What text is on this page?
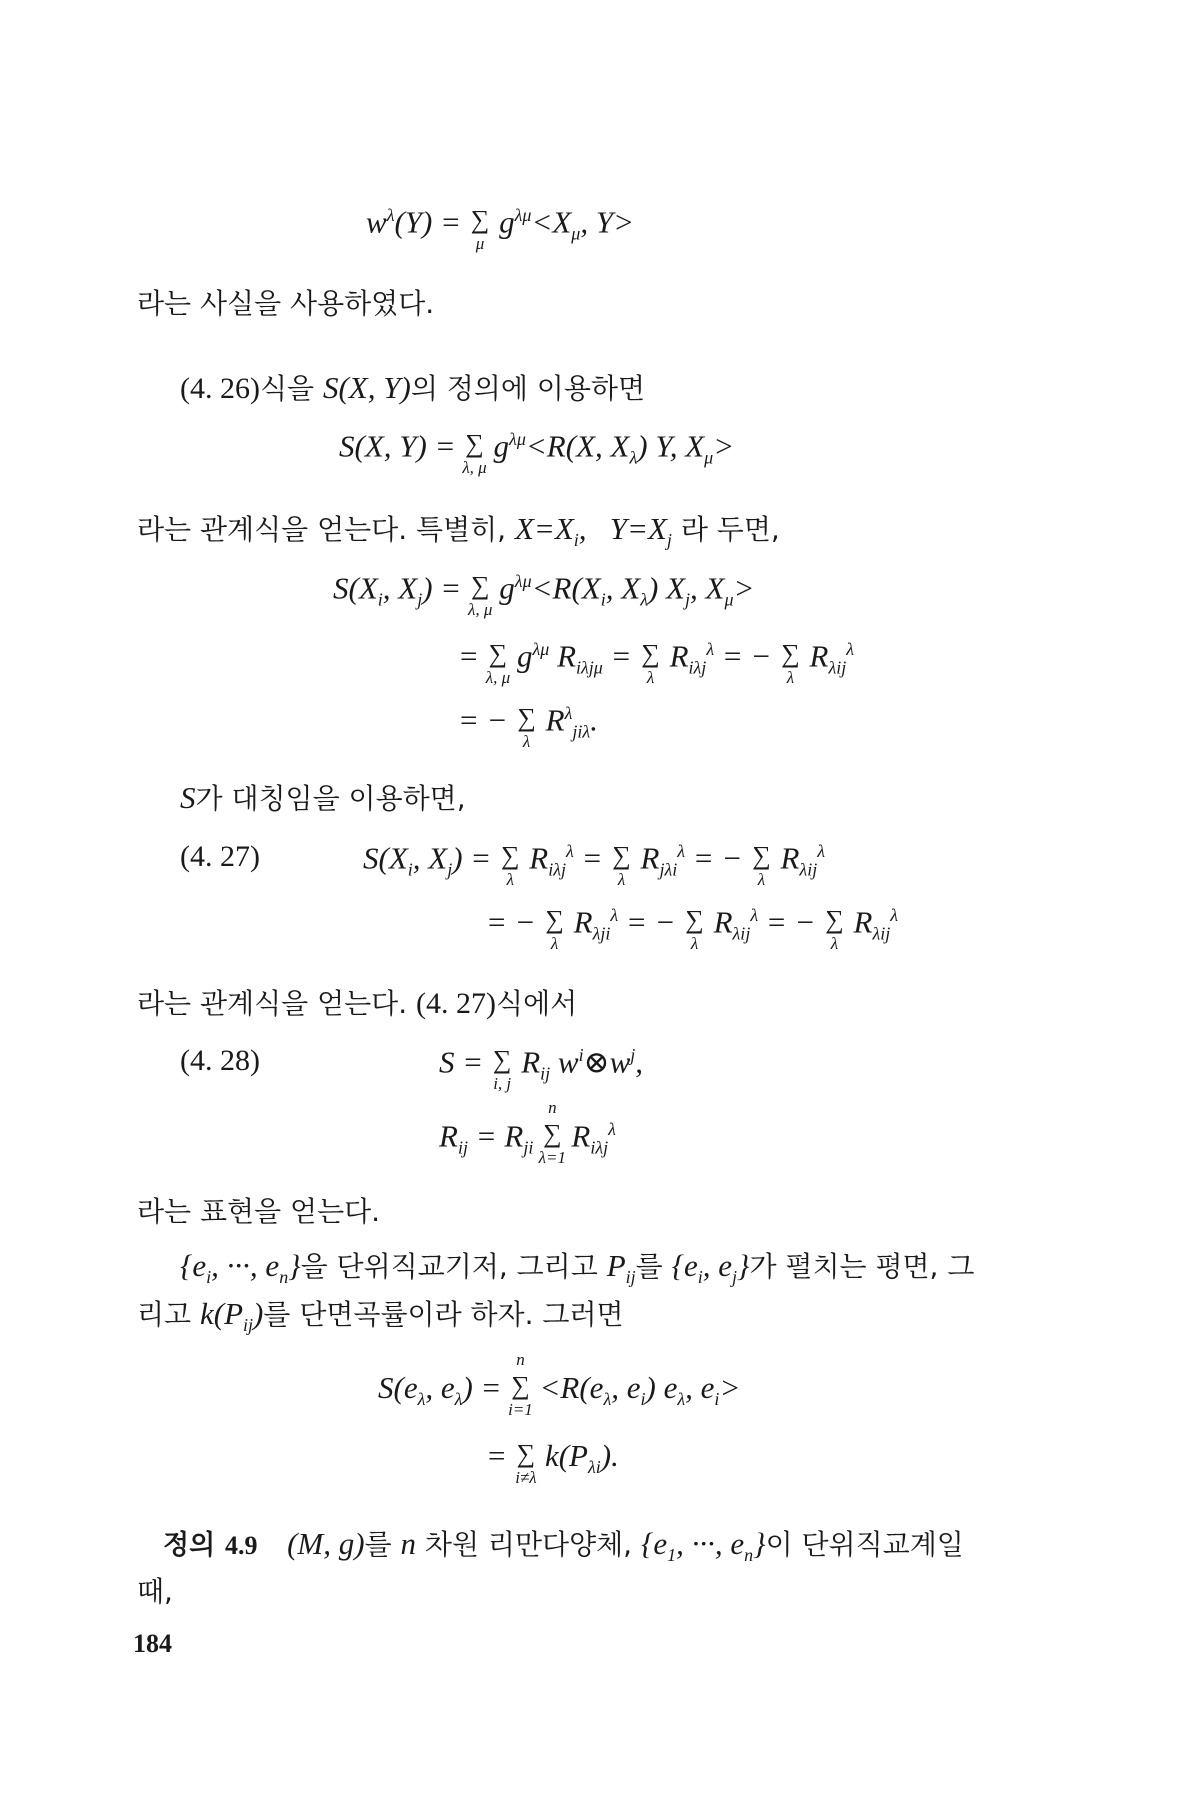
$w^\lambda(Y)$ = ∑
μ
$g^{\lambda\mu}<X_\mu$, Y>
라는 사실을 사용하였다.
(4. 26)식을 S(X, Y)의 정의에 이용하면
S(X, Y) = ∑
λ, μ
$g^{\lambda\mu}<R(X$, $X_\lambda$) Y, $X_\mu>$
라는 관계식을 얻는다. 특별히, $X=X_i$,   $Y=X_j$ 라 두면,
$S(X_i$, $X_j$) = ∑
λ, μ
$g^{\lambda\mu}<R(X_i$, $X_\lambda$) $X_j$, $X_\mu>$
= ∑
λ, μ
$g^{\lambda\mu}$ $R_{i\lambda j\mu}$ = ∑
λ
$R_{i\lambda j}^\lambda$ = − ∑
λ
$R_{\lambda ij}^\lambda$
= − ∑
λ
$R^\lambda_{ji\lambda}$.
S가 대칭임을 이용하면,
(4. 27)	$S(X_i$, $X_j$) = ∑
λ
$R_{i\lambda j}^\lambda$ = ∑
λ
$R_{j\lambda i}^\lambda$ = − ∑
λ
$R_{\lambda ij}^\lambda$
= − ∑
λ
$R_{\lambda ji}^\lambda$ = − ∑
λ
$R_{\lambda ij}^\lambda$ = − ∑
λ
$R_{\lambda ij}^\lambda$
라는 관계식을 얻는다. (4. 27)식에서
(4. 28)	S = ∑
i, j
$R_{ij}$ $w^i\otimes w^j$,
$R_{ij} = R_{ji}$
n
∑
λ=1
$R_{i\lambda j}^\lambda$
라는 표현을 얻는다.
{$e_i$, ···, $e_n$}을 단위직교기저, 그리고 $P_{ij}$를 {$e_i$, $e_j$}가 펼치는 평면, 그
리고 $k(P_{ij})$를 단면곡률이라 하자. 그러면
$S(e_\lambda$, $e_\lambda$) =
n
∑
i=1
$<R(e_\lambda$, $e_i$) $e_\lambda$, $e_i>$
= ∑
i≠λ
$k(P_{\lambda i})$.
정의 4.9 (M, g)를 n 차원 리만다양체, {$e_1$, ···, $e_n$}이 단위직교계일
때,
184
